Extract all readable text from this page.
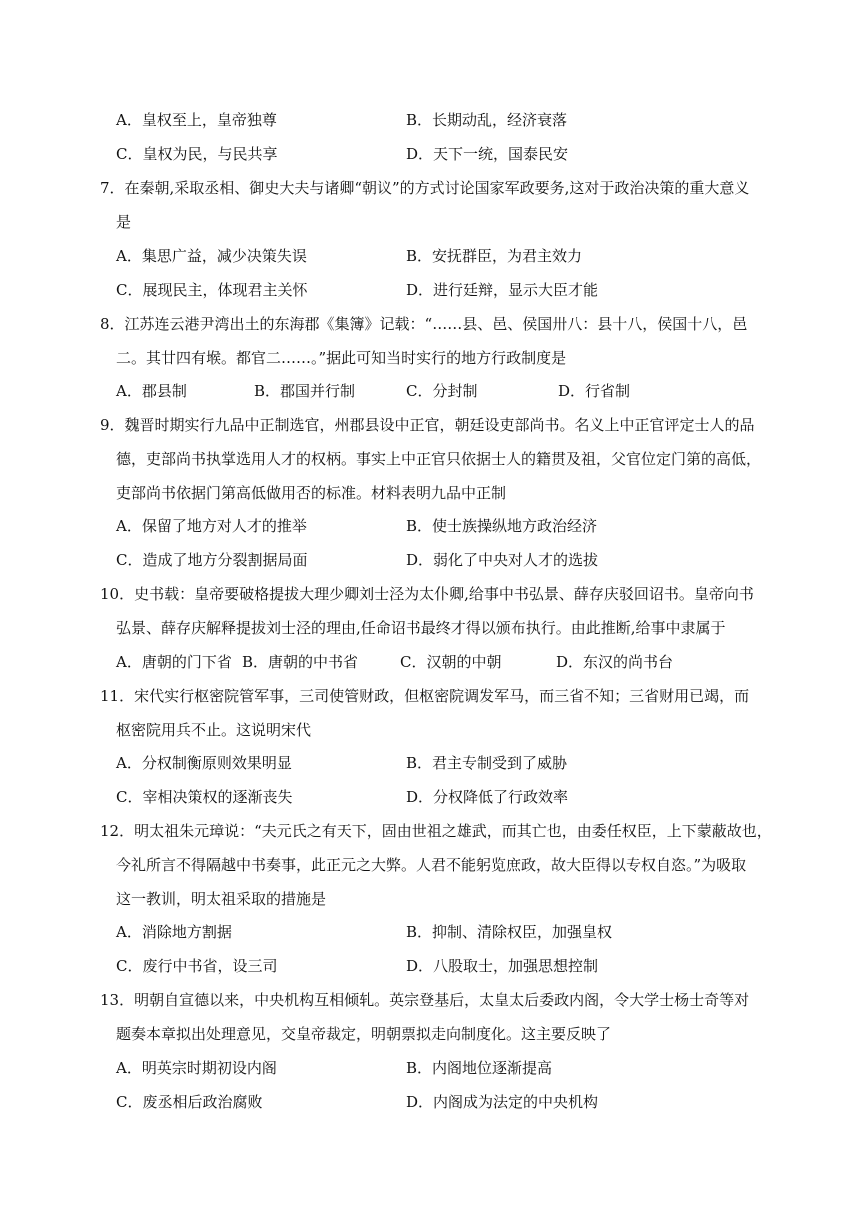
A．皇权至上，皇帝独尊	B．长期动乱，经济衰落
C．皇权为民，与民共享	D．天下一统，国泰民安
7．在秦朝,采取丞相、御史大夫与诸卿“朝议”的方式讨论国家军政要务,这对于政治决策的重大意义
是
A．集思广益，减少决策失误	B．安抚群臣，为君主效力
C．展现民主，体现君主关怀	D．进行廷辩，显示大臣才能
8．江苏连云港尹湾出土的东海郡《集簿》记载：“……县、邑、侯国卅八：县十八，侯国十八，邑
二。其廿四有堠。都官二……。”据此可知当时实行的地方行政制度是
A．郡县制	B．郡国并行制	C．分封制	D．行省制
9．魏晋时期实行九品中正制选官，州郡县设中正官，朝廷设吏部尚书。名义上中正官评定士人的品
德，吏部尚书执掌选用人才的权柄。事实上中正官只依据士人的籍贯及祖，父官位定门第的高低，
吏部尚书依据门第高低做用否的标准。材料表明九品中正制
A．保留了地方对人才的推举	B．使士族操纵地方政治经济
C．造成了地方分裂割据局面	D．弱化了中央对人才的选拔
10．史书载：皇帝要破格提拔大理少卿刘士泾为太仆卿,给事中书弘景、薛存庆驳回诏书。皇帝向书
弘景、薛存庆解释提拔刘士泾的理由,任命诏书最终才得以颁布执行。由此推断,给事中隶属于
A．唐朝的门下省 B．唐朝的中书省	C．汉朝的中朝	D．东汉的尚书台
11．宋代实行枢密院管军事，三司使管财政，但枢密院调发军马，而三省不知；三省财用已竭，而
枢密院用兵不止。这说明宋代
A．分权制衡原则效果明显	B．君主专制受到了威胁
C．宰相决策权的逐渐丧失	D．分权降低了行政效率
12．明太祖朱元璋说：“夫元氏之有天下，固由世祖之雄武，而其亡也，由委任权臣，上下蒙蔽故也，
今礼所言不得隔越中书奏事，此正元之大弊。人君不能躬览庶政，故大臣得以专权自恣。”为吸取
这一教训，明太祖采取的措施是
A．消除地方割据	B．抑制、清除权臣，加强皇权
C．废行中书省，设三司	D．八股取士，加强思想控制
13．明朝自宣德以来，中央机构互相倾轧。英宗登基后，太皇太后委政内阁，令大学士杨士奇等对
题奏本章拟出处理意见，交皇帝裁定，明朝票拟走向制度化。这主要反映了
A．明英宗时期初设内阁	B．内阁地位逐渐提高
C．废丞相后政治腐败	D．内阁成为法定的中央机构
